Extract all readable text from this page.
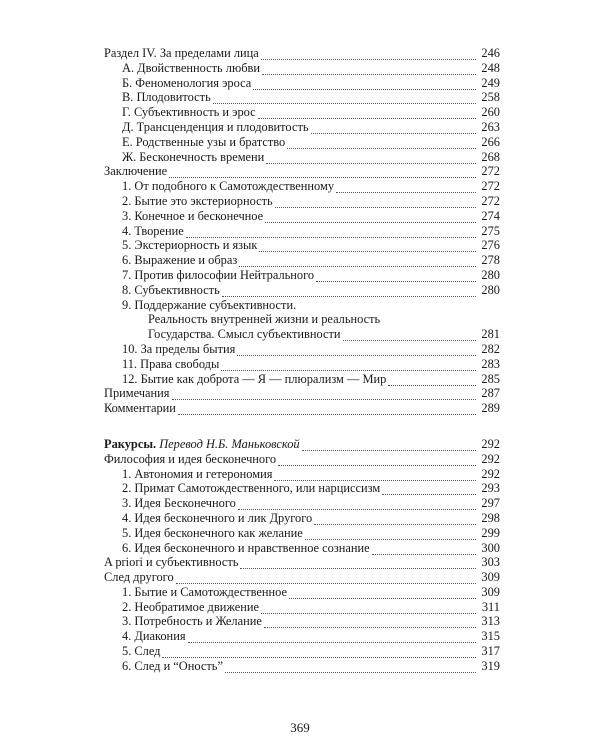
Раздел IV. За пределами лица	246
А. Двойственность любви	248
Б. Феноменология эроса	249
В. Плодовитость	258
Г. Субъективность и эрос	260
Д. Трансценденция и плодовитость	263
Е. Родственные узы и братство	266
Ж. Бесконечность времени	268
Заключение	272
1. От подобного к Самотождественному	272
2. Бытие это экстериорность	272
3. Конечное и бесконечное	274
4. Творение	275
5. Экстериорность и язык	276
6. Выражение и образ	278
7. Против философии Нейтрального	280
8. Субъективность	280
9. Поддержание субъективности.
Реальность внутренней жизни и реальность
Государства. Смысл субъективности	281
10. За пределы бытия	282
11. Права свободы	283
12. Бытие как доброта — Я — плюрализм — Мир	285
Примечания	287
Комментарии	289
Ракурсы. Перевод Н.Б. Маньковской	292
Философия и идея бесконечного	292
1. Автономия и гетерономия	292
2. Примат Самотождественного, или нарциссизм	293
3. Идея Бесконечного	297
4. Идея бесконечного и лик Другого	298
5. Идея бесконечного как желание	299
6. Идея бесконечного и нравственное сознание	300
A priori и субъективность	303
След другого	309
1. Бытие и Самотождественное	309
2. Необратимое движение	311
3. Потребность и Желание	313
4. Диакония	315
5. След	317
6. След и “Оность”	319
369
